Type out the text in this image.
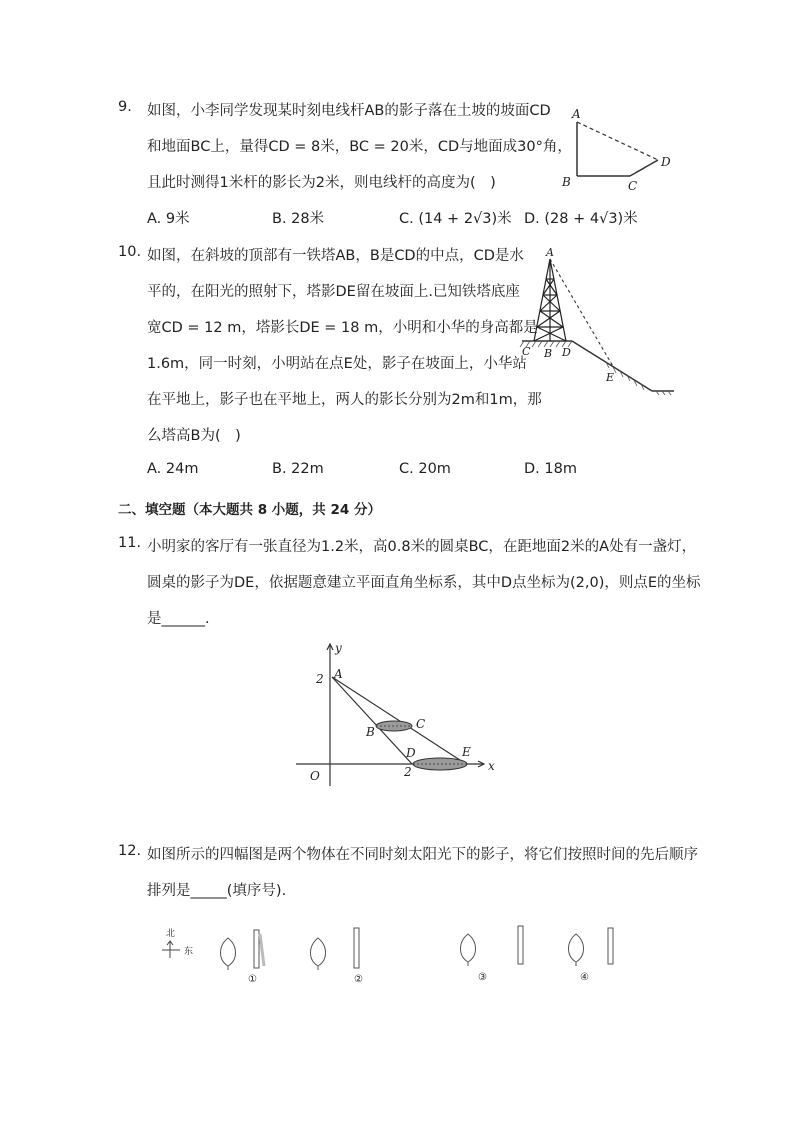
9. 如图，小李同学发现某时刻电线杆AB的影子落在土坡的坡面CD
和地面BC上，量得CD = 8米，BC = 20米，CD与地面成30°角，
且此时测得1米杆的影长为2米，则电线杆的高度为(　)
A. 9米	B. 28米	C. (14 + 2√3)米 D. (28 + 4√3)米
A
B	C
D
10. 如图，在斜坡的顶部有一铁塔AB，B是CD的中点，CD是水
平的，在阳光的照射下，塔影DE留在坡面上.已知铁塔底座
宽CD = 12 m，塔影长DE = 18 m，小明和小华的身高都是
1.6m，同一时刻，小明站在点E处，影子在坡面上，小华站
在平地上，影子也在平地上，两人的影长分别为2m和1m，那
么塔高B为(　)
A. 24m	B. 22m	C. 20m	D. 18m
A
C B D
E
二、填空题（本大题共 8 小题，共 24 分）
11. 小明家的客厅有一张直径为1.2米，高0.8米的圆桌BC，在距地面2米的A处有一盏灯，
圆桌的影子为DE，依据题意建立平面直角坐标系，其中D点坐标为(2,0)，则点E的坐标
是______.
x
y
A
2
C
B
D	E
O	2
12. 如图所示的四幅图是两个物体在不同时刻太阳光下的影子，将它们按照时间的先后顺序
排列是_____(填序号).
北
东
①	②	③	④
